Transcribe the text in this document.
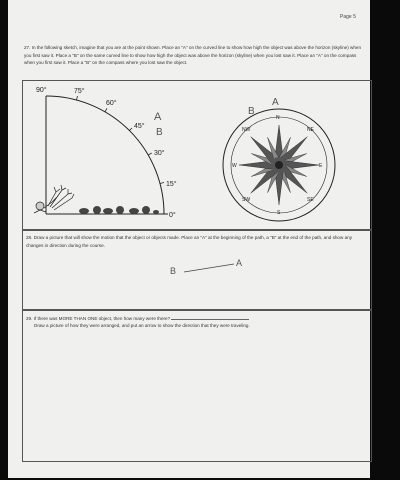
Page 5
27. In the following sketch, imagine that you are at the point shown. Place an "A" on the curved line to show how high the object was above the horizon (skyline) when you first saw it. Place a "B" on the same curved line to show how high the object was above the horizon (skyline) when you lost saw it. Place an "A" on the compass when you first saw it. Place a "B" on the compass where you lost saw the object.
90°	75°
60°
45°
30°
15°
0°
A
B
N
NE
E
SE
S
SW
W
NW
B
A
28. Draw a picture that will show the motion that the object or objects made. Place an "A" at the beginning of the path, a "B" at the end of the path, and show any changes in direction during the course.
B
A
29. If there was MORE THAN ONE object, then how many were there?
Draw a picture of how they were arranged, and put an arrow to show the direction that they were traveling.
